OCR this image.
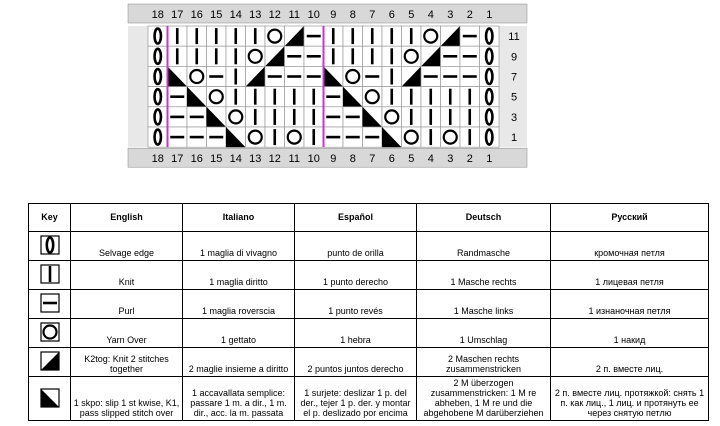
18 17 16 15 14 13 12 11 10 9 8 7 6 5 4 3 2 1
18 17 16 15 14 13 12 11 10 9 8 7 6 5 4 3 2 1
11
9
7
5
3
1
Key	English	Italiano	Español	Deutsch	Русский

	Selvage edge	1 maglia di vivagno	punto de orilla	Randmasche	кромочная петля

	Knit	1 maglia diritto	1 punto derecho	1 Masche rechts	1 лицевая петля

	Purl	1 maglia roverscia	1 punto revés	1 Masche links	1 изнаночная петля

	Yarn Over	1 gettato	1 hebra	1 Umschlag	1 накид

	K2tog: Knit 2 stitches together	2 maglie insieme a diritto	2 puntos juntos derecho	2 Maschen rechts zusammenstricken	2 п. вместе лиц.

	1 skpo: slip 1 st kwise, K1, pass slipped stitch over	1 accavallata semplice: passare 1 m. a dir., 1 m. dir., acc. la m. passata	1 surjete: deslizar 1 p. del der., tejer 1 p. der. y montar el p. deslizado por encima	2 M überzogen zusammenstricken: 1 M re abheben, 1 M re und die abgehobene M darüberziehen	2 п. вместе лиц. протяжкой: снять 1 п. как лиц., 1 лиц. и протянуть ее через снятую петлю
